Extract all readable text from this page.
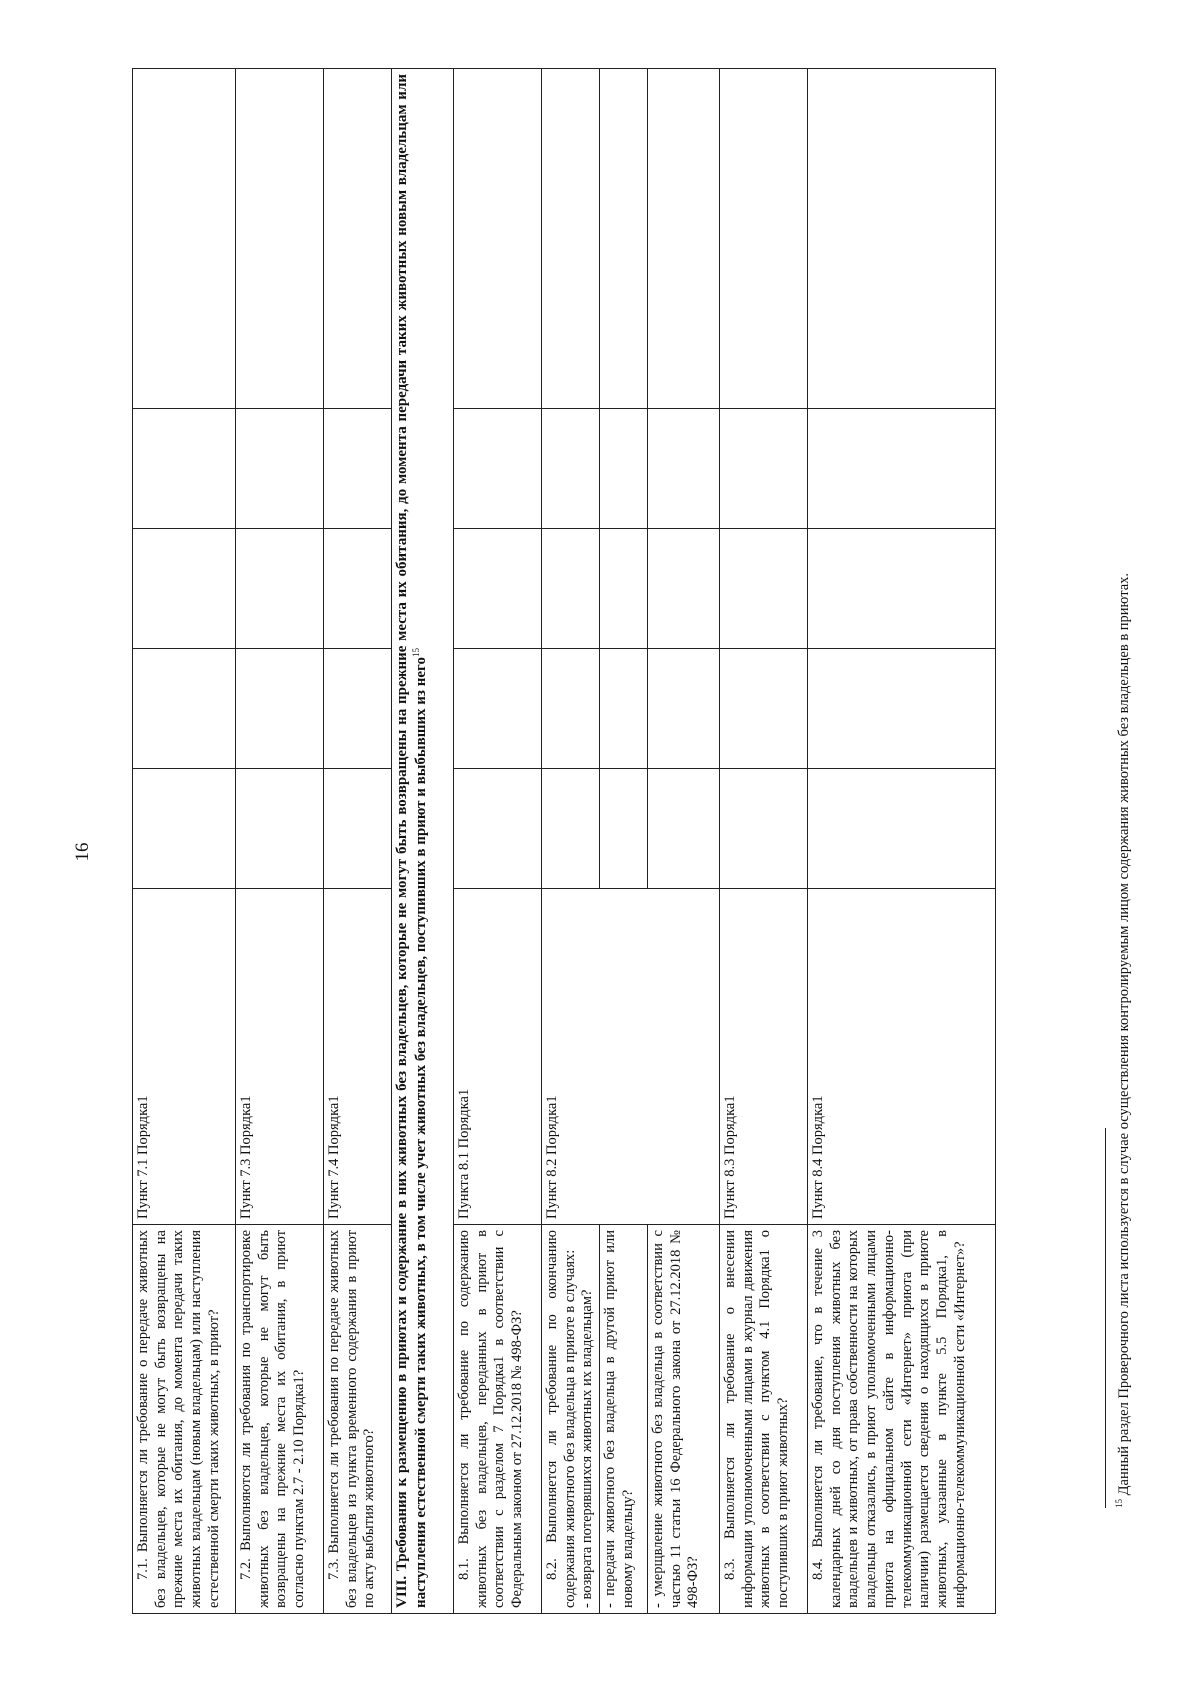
16
7.1. Выполняется ли требование о передаче животных без владельцев, которые не могут быть возвращены на прежние места их обитания, до момента передачи таких животных владельцам (новым владельцам) или наступления естественной смерти таких животных, в приют?	Пункт 7.1 Порядка1					
7.2. Выполняются ли требования по транспортировке животных без владельцев, которые не могут быть возвращены на прежние места их обитания, в приют согласно пунктам 2.7 - 2.10 Порядка1?	Пункт 7.3 Порядка1					
7.3. Выполняется ли требования по передаче животных без владельцев из пункта временного содержания в приют по акту выбытия животного?	Пункт 7.4 Порядка1					
VIII. Требования к размещению в приютах и содержание в них животных без владельцев, которые не могут быть возвращены на прежние места их обитания, до момента передачи таких животных новым владельцам или наступления естественной смерти таких животных, в том числе учет животных без владельцев, поступивших в приют и выбывших из него$^{15}$
8.1. Выполняется ли требование по содержанию животных без владельцев, переданных в приют в соответствии с разделом 7 Порядка1 в соответствии с Федеральным законом от 27.12.2018 № 498-ФЗ?	Пункта 8.1 Порядка1					
8.2. Выполняется ли требование по окончанию содержания животного без владельца в приюте в случаях: - возврата потерявшихся животных их владельцам?	Пункт 8.2 Порядка1					
- передачи животного без владельца в другой приют или новому владельцу?						
- умерщвление животного без владельца в соответствии с частью 11 статьи 16 Федерального закона от 27.12.2018 № 498-ФЗ?						
8.3. Выполняется ли требование о внесении информации уполномоченными лицами в журнал движения животных в соответствии с пунктом 4.1 Порядка1 о поступивших в приют животных?	Пункт 8.3 Порядка1					
8.4. Выполняется ли требование, что в течение 3 календарных дней со дня поступления животных без владельцев и животных, от права собственности на которых владельцы отказались, в приют уполномоченными лицами приюта на официальном сайте в информационно-телекоммуникационной сети «Интернет» приюта (при наличии) размещается сведения о находящихся в приюте животных, указанные в пункте 5.5 Порядка1, в информационно-телекоммуникационной сети «Интернет»?	Пункт 8.4 Порядка1					
$^{15}$ Данный раздел Проверочного листа используется в случае осуществления контролируемым лицом содержания животных без владельцев в приютах.
